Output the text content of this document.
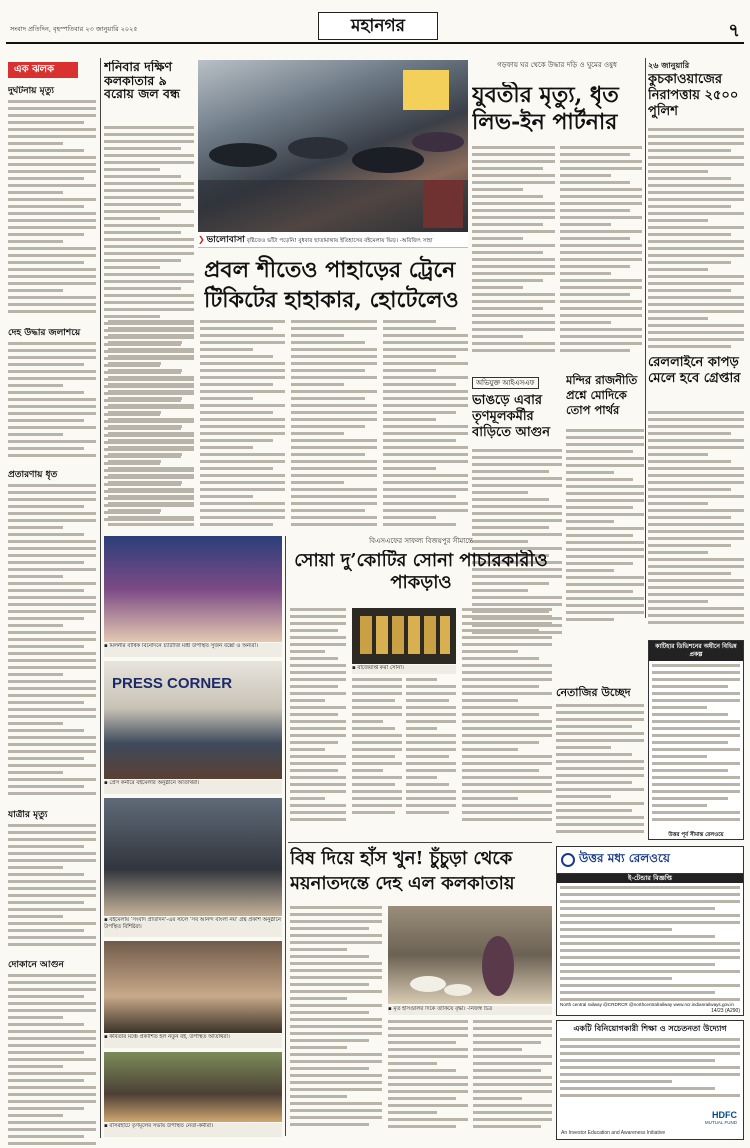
সংবাদ প্রতিদিন, বৃহস্পতিবার ২৩ জানুয়ারি ২০২৫	মহানগর	৭
এক ঝলক
দুর্ঘটনায় মৃত্যু
দেহ উদ্ধার জলাশয়ে
প্রতারণায় ধৃত
যাত্রীর মৃত্যু
দোকানে আগুন
শনিবার দক্ষিণ কলকাতার ৯ বরোয় জল বন্ধ
❯ ভালোবাসা বৃষ্টিতেও ভাঁটা পড়েনি! বুধবার ছাতামাথায় ইতিহাসের বইমেলায় ভিড়। -অরিজিৎ সাহা
প্রবল শীতেও পাহাড়ের ট্রেনে টিকিটের হাহাকার, হোটেলেও
গড়ফায় ঘর থেকে উদ্ধার দড়ি ও ঘুমের ওষুধ
যুবতীর মৃত্যু, ধৃত লিভ-ইন পার্টনার
২৬ জানুয়ারি
কুচকাওয়াজের নিরাপত্তায় ২৫০০ পুলিশ
অভিযুক্ত আইএসএফ
ভাঙড়ে এবার তৃণমূলকর্মীর বাড়িতে আগুন
মন্দির রাজনীতি প্রশ্নে মোদিকে তোপ পার্থর
রেললাইনে কাপড় মেলে হবে গ্রেপ্তার
▪ মিলনীর বার্ষিক বিনোদনে চ্যাটার্জি মন্ত্রী উপস্থিত সুজন বক্সো ও অন্যরা।
PRESS CORNER
▪ প্রেস কর্নারে বইমেলার অনুষ্ঠানে অতিথিরা।
▪ বইমেলায় ‘সংবাদ প্রতিদিন’-এর স্টলে ‘সব আনন্দ বাংলা নয়’ গ্রন্থ প্রকাশ অনুষ্ঠানে উপস্থিত বিশিষ্টরা।
▪ কবিতার মঞ্চে প্রকাশিত হল নতুন বই, উপস্থিত অতিথিরা।
▪ বসিরহাটে তৃণমূলের সভায় উপস্থিত নেতা-কর্মীরা।
বিএসএফের সাফল্য বিজয়পুর সীমান্তে
সোয়া দু’কোটির সোনা পাচারকারীও পাকড়াও
▪ বাজেয়াপ্ত করা সোনা।
কাটিহার ডিভিশনের অধীনে বিভিন্ন প্রকল্প
উত্তর পূর্ব সীমান্ত রেলওয়ে
নেতাজির উচ্ছেদ
বিষ দিয়ে হাঁস খুন! চুঁচুড়া থেকে ময়নাতদন্তে দেহ এল কলকাতায়
▪ মৃত হাঁসগুলির দিকে তাকিয়ে বৃদ্ধা। -নিজস্ব চিত্র
উত্তর মধ্য রেলওয়ে
ই-টেন্ডার বিজ্ঞপ্তি
North central railway @CRDRCR @northcentralrailway www.ncr.indianrailways.gov.in
14/23 (A290)
একটি বিনিয়োগকারী শিক্ষা ও সচেতনতা উদ্যোগ
HDFC
MUTUAL FUND
An Investor Education and Awareness Initiative
